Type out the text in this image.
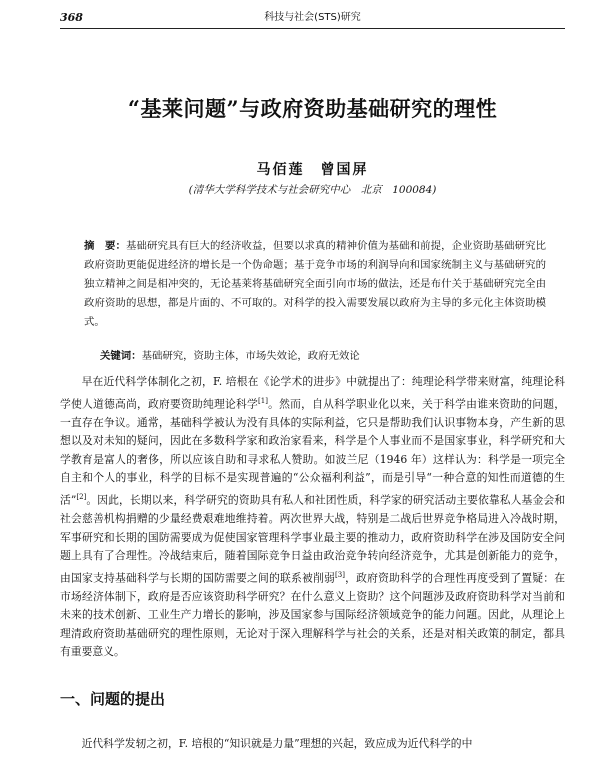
368	科技与社会(STS)研究
“基莱问题”与政府资助基础研究的理性
马佰莲　曾国屏
(清华大学科学技术与社会研究中心　北京　100084)
摘　要：基础研究具有巨大的经济收益，但要以求真的精神价值为基础和前提，企业资助基础研究比政府资助更能促进经济的增长是一个伪命题；基于竞争市场的利润导向和国家统制主义与基础研究的独立精神之间是相冲突的，无论基莱将基础研究全面引向市场的做法，还是布什关于基础研究完全由政府资助的思想，都是片面的、不可取的。对科学的投入需要发展以政府为主导的多元化主体资助模式。
关键词：基础研究，资助主体，市场失效论，政府无效论

早在近代科学体制化之初，F. 培根在《论学术的进步》中就提出了：纯理论科学带来财富，纯理论科学使人道德高尚，政府要资助纯理论科学[1]。然而，自从科学职业化以来，关于科学由谁来资助的问题，一直存在争议。通常，基础科学被认为没有具体的实际利益，它只是帮助我们认识事物本身，产生新的思想以及对未知的疑问，因此在多数科学家和政治家看来，科学是个人事业而不是国家事业，科学研究和大学教育是富人的奢侈，所以应该自助和寻求私人赞助。如波兰尼（1946 年）这样认为：科学是一项完全自主和个人的事业，科学的目标不是实现普遍的“公众福利利益”，而是引导“一种合意的知性而道德的生活”[2]。因此，长期以来，科学研究的资助具有私人和社团性质，科学家的研究活动主要依靠私人基金会和社会慈善机构捐赠的少量经费艰难地维持着。两次世界大战，特别是二战后世界竞争格局进入冷战时期，军事研究和长期的国防需要成为促使国家管理科学事业最主要的推动力，政府资助科学在涉及国防安全问题上具有了合理性。冷战结束后，随着国际竞争日益由政治竞争转向经济竞争，尤其是创新能力的竞争，由国家支持基础科学与长期的国防需要之间的联系被削弱[3]，政府资助科学的合理性再度受到了置疑：在市场经济体制下，政府是否应该资助科学研究？在什么意义上资助？这个问题涉及政府资助科学对当前和未来的技术创新、工业生产力增长的影响，涉及国家参与国际经济领域竞争的能力问题。因此，从理论上理清政府资助基础研究的理性原则，无论对于深入理解科学与社会的关系，还是对相关政策的制定，都具有重要意义。

一、问题的提出

近代科学发轫之初，F. 培根的“知识就是力量”理想的兴起，致应成为近代科学的中
